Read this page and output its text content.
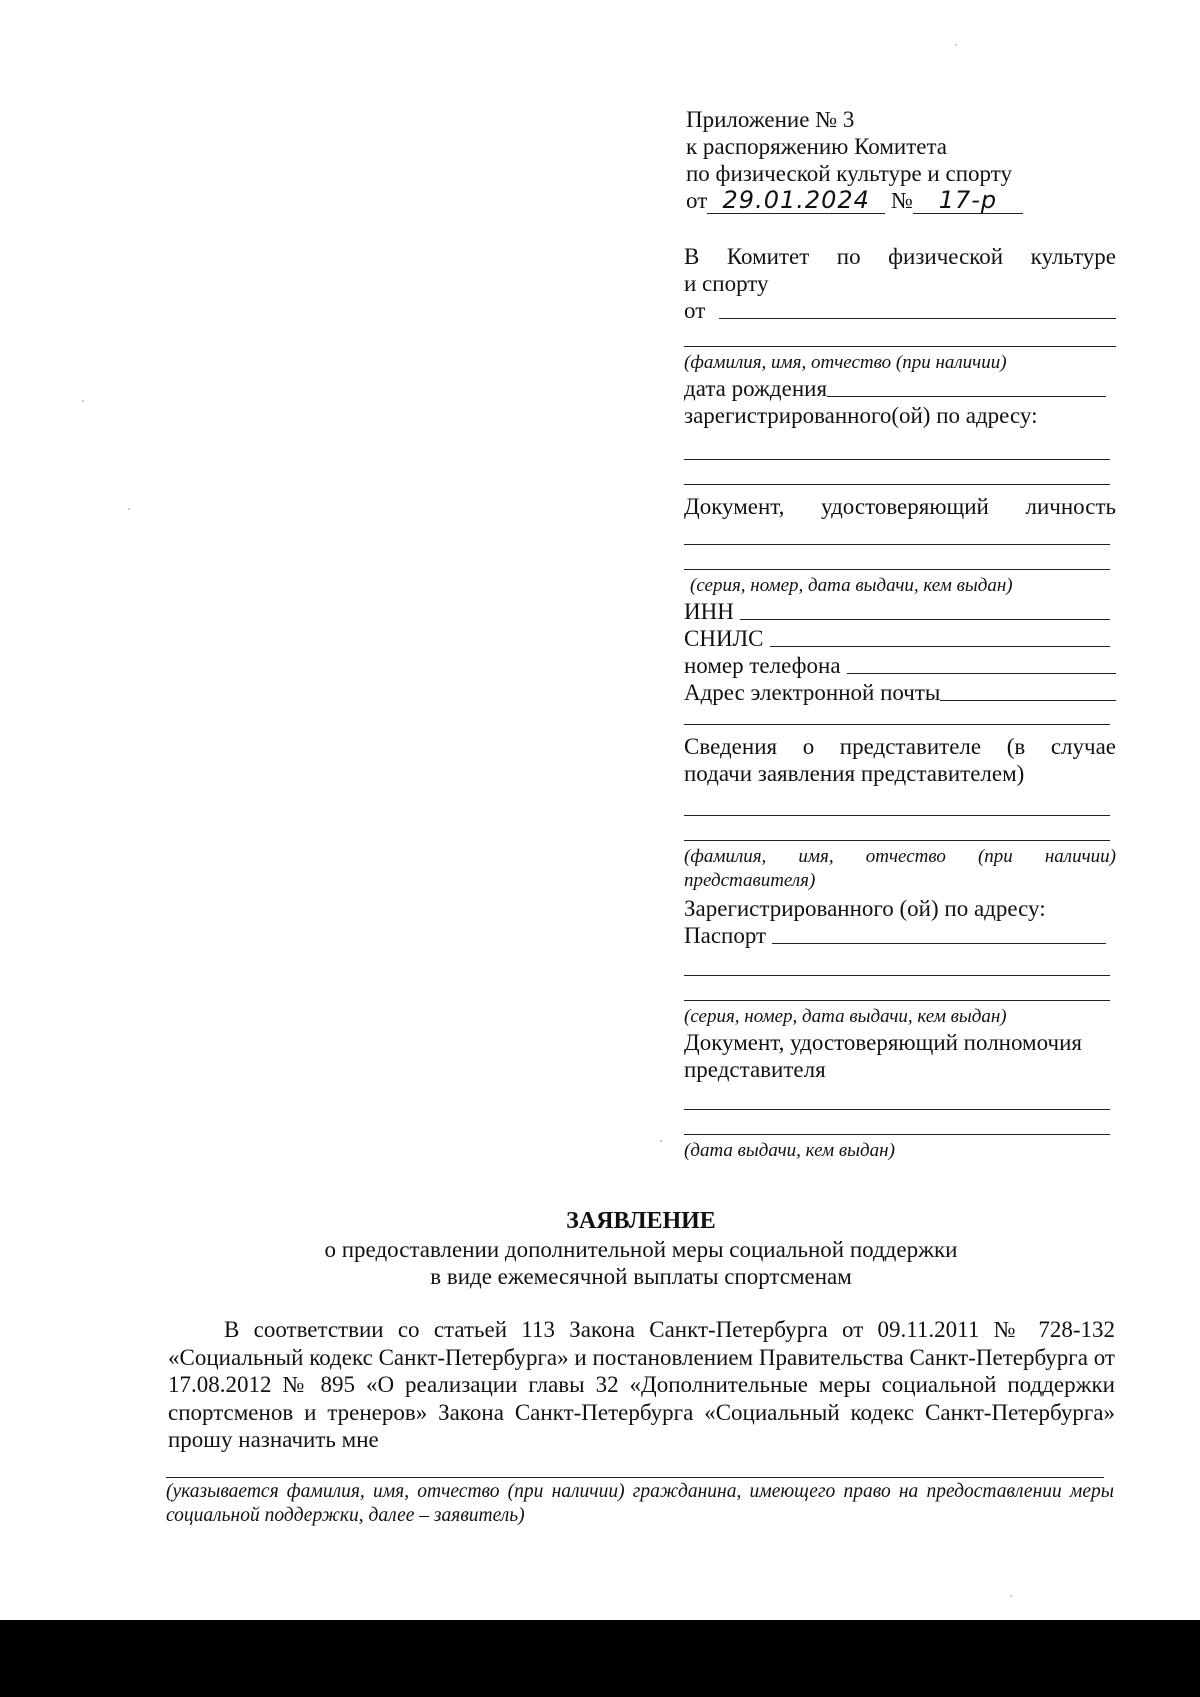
Приложение № 3
к распоряжению Комитета
по физической культуре и спорту
от 29.01.2024 № 17-р
В Комитет по физической культуре
и спорту
от
(фамилия, имя, отчество (при наличии)
дата рождения
зарегистрированного(ой) по адресу:
Документ, удостоверяющий личность
(серия, номер, дата выдачи, кем выдан)
ИНН
СНИЛС
номер телефона
Адрес электронной почты
Сведения о представителе (в случае
подачи заявления представителем)
(фамилия, имя, отчество (при наличии)
представителя)
Зарегистрированного (ой) по адресу:
Паспорт
(серия, номер, дата выдачи, кем выдан)
Документ, удостоверяющий полномочия
представителя
(дата выдачи, кем выдан)
ЗАЯВЛЕНИЕ
о предоставлении дополнительной меры социальной поддержки
в виде ежемесячной выплаты спортсменам

В соответствии со статьей 113 Закона Санкт-Петербурга от 09.11.2011 № 728-132 «Социальный кодекс Санкт-Петербурга» и постановлением Правительства Санкт-Петербурга от 17.08.2012 № 895 «О реализации главы 32 «Дополнительные меры социальной поддержки спортсменов и тренеров» Закона Санкт-Петербурга «Социальный кодекс Санкт-Петербурга» прошу назначить мне

(указывается фамилия, имя, отчество (при наличии) гражданина, имеющего право на предоставлении меры социальной поддержки, далее – заявитель)
